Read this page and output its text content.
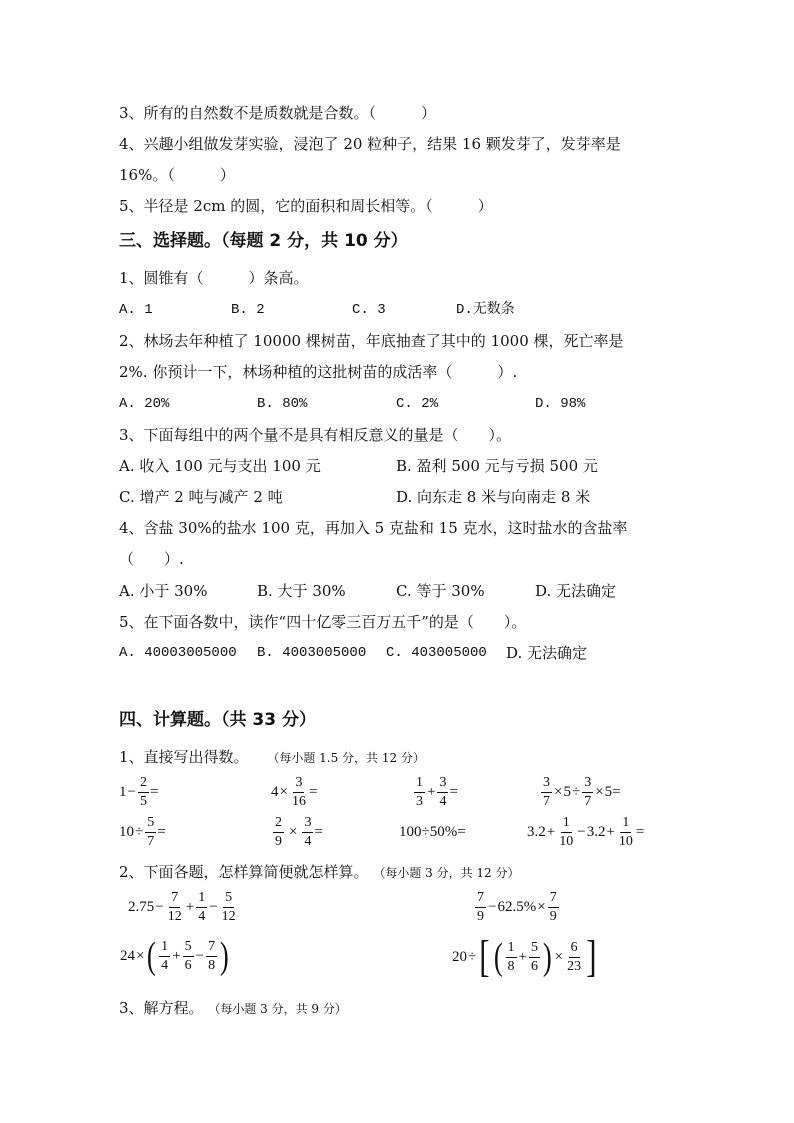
3、所有的自然数不是质数就是合数。（　　　）
4、兴趣小组做发芽实验，浸泡了 20 粒种子，结果 16 颗发芽了，发芽率是
16%。（　　　）
5、半径是 2cm 的圆，它的面积和周长相等。（　　　）
三、选择题。（每题 2 分，共 10 分）
1、圆锥有（　　　）条高。
A. 1	B. 2	C. 3	D.无数条
2、林场去年种植了 10000 棵树苗，年底抽查了其中的 1000 棵，死亡率是
2%. 你预计一下，林场种植的这批树苗的成活率（　　　）.
A. 20%	B. 80%	C. 2%	D. 98%
3、下面每组中的两个量不是具有相反意义的量是（　　）。
A. 收入 100 元与支出 100 元	B. 盈利 500 元与亏损 500 元
C. 增产 2 吨与减产 2 吨	D. 向东走 8 米与向南走 8 米
4、含盐 30%的盐水 100 克，再加入 5 克盐和 15 克水，这时盐水的含盐率
（　　）.
A. 小于 30%	B. 大于 30%	C. 等于 30%	D. 无法确定
5、在下面各数中，读作“四十亿零三百万五千”的是（　　）。
A. 40003005000 B. 4003005000 C. 403005000 D. 无法确定
四、计算题。（共 33 分）
1、直接写出得数。 （每小题 1.5 分，共 12 分）
$1 - \frac{2}{5}$ =	$4 \times \frac{3}{16}$ =	$\frac{1}{3} + \frac{3}{4}$ =	$\frac{3}{7} \times 5 \div \frac{3}{7} \times 5$ =
$10 \div \frac{5}{7}$ =	$\frac{2}{9} \times \frac{3}{4}$ =	100÷50%=	$3.2 + \frac{1}{10} - 3.2 + \frac{1}{10}$ =
2、下面各题，怎样算简便就怎样算。 （每小题 3 分，共 12 分）
$2.75 - \frac{7}{12} + \frac{1}{4} - \frac{5}{12}$	$\frac{7}{9} - 62.5\% \times \frac{7}{9}$
24 × ( $\frac{1}{4} + \frac{5}{6} - \frac{7}{8}$ )	20 ÷ [ ( $\frac{1}{8} + \frac{5}{6}$ ) × $\frac{6}{23}$ ]
3、解方程。 （每小题 3 分，共 9 分）
